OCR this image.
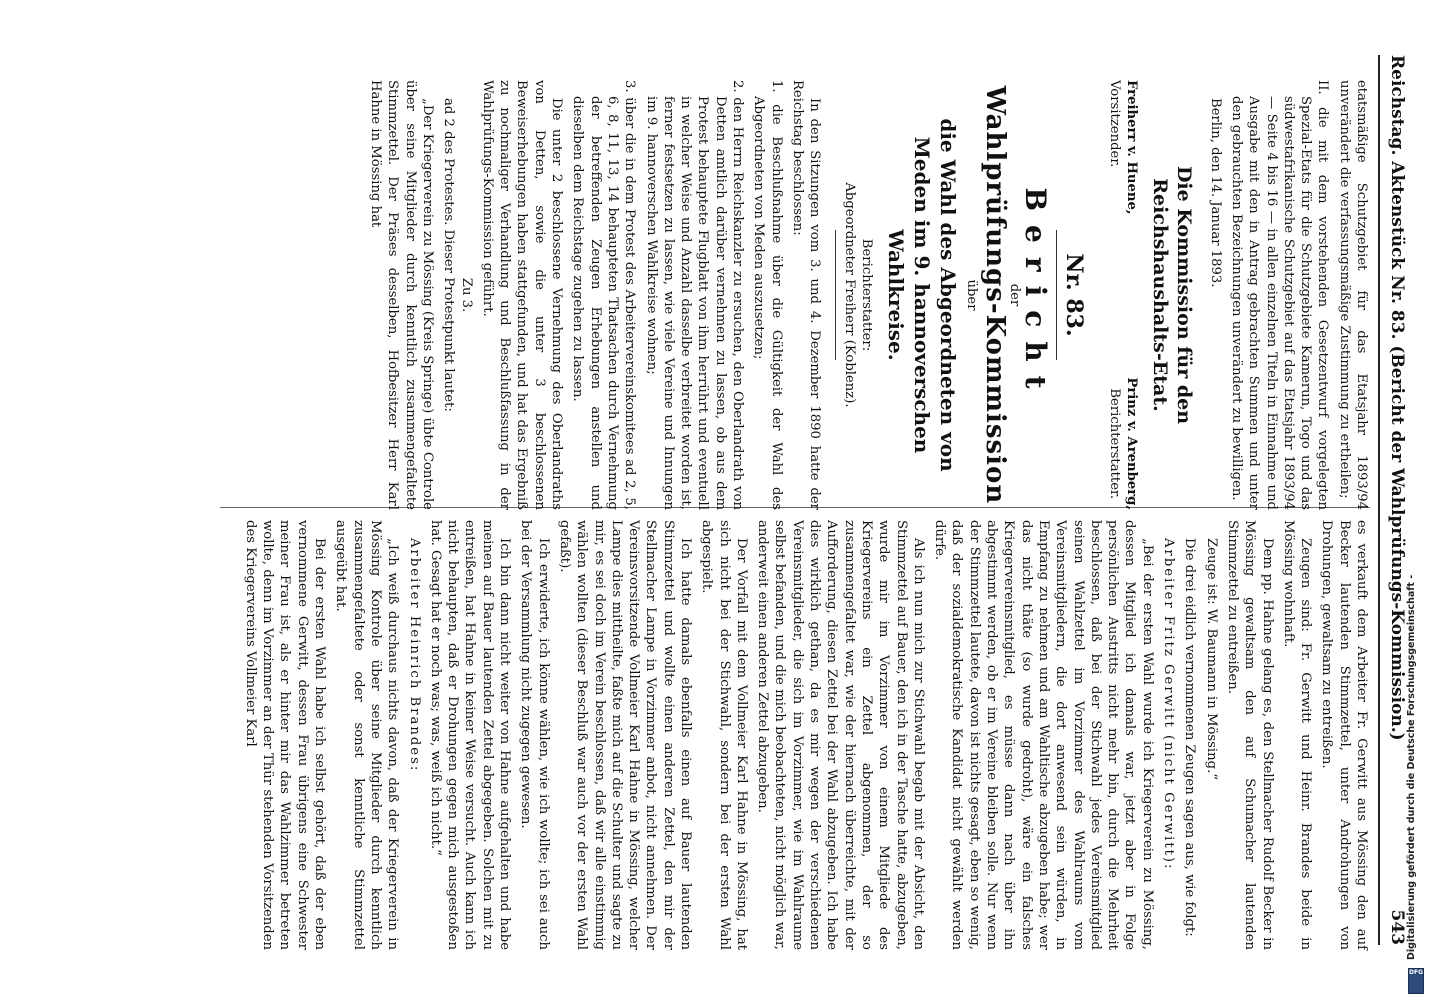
Reichstag. Aktenstück Nr. 83. (Bericht der Wahlprüfungs-Kommission.)
543

etatsmäßige Schutzgebiet für das Etatsjahr 1893/94 unverändert die verfassungsmäßige Zustimmung zu ertheilen;

II. die mit dem vorstehenden Gesetzentwurf vorgelegten Spezial-Etats für die Schutzgebiete Kamerun, Togo und das südwestafrikanische Schutzgebiet auf das Etatsjahr 1893/94 — Seite 4 bis 16 — in allen einzelnen Titeln in Einnahme und Ausgabe mit den in Antrag gebrachten Summen und unter den gebrauchten Bezeichnungen unverändert zu bewilligen.

Berlin, den 14. Januar 1893.

Die Kommission für den Reichshaushalts-Etat.
Freiherr v. Huene,
Vorsitzender.
Prinz v. Arenberg,
Berichterstatter.
Nr. 83.
Bericht
der
Wahlprüfungs-Kommission
über
die Wahl des Abgeordneten von Meden im 9. hannoverschen Wahlkreise.
Berichterstatter:
Abgeordneter Freiherr (Koblenz).

In den Sitzungen vom 3. und 4. Dezember 1890 hatte der Reichstag beschlossen:

1. die Beschlußnahme über die Gültigkeit der Wahl des Abgeordneten von Meden auszusetzen;

2. den Herrn Reichskanzler zu ersuchen, den Oberlandrath von Detten amtlich darüber vernehmen zu lassen, ob aus dem Protest behauptete Flugblatt von ihm herrührt und eventuell in welcher Weise und Anzahl dasselbe verbreitet worden ist, ferner festsetzen zu lassen, wie viele Vereine und Innungen im 9. hannoverschen Wahlkreise wohnen;

3. über die in dem Protest des Arbeitervereinskomitees ad 2, 5, 6, 8, 11, 13, 14 behaupteten Thatsachen durch Vernehmung der betreffenden Zeugen Erhebungen anstellen und dieselben dem Reichstage zugehen zu lassen.

Die unter 2 beschlossene Vernehmung des Oberlandraths von Detten, sowie die unter 3 beschlossenen Beweiserhebungen haben stattgefunden, und hat das Ergebniß zu nochmaliger Verhandlung und Beschlußfassung in der Wahlprüfungs-Kommission geführt.

Zu 3.

ad 2 des Protestes. Dieser Protestpunkt lautet:

„Der Kriegerverein zu Mössing (Kreis Springe) übte Controle über seine Mitglieder durch kenntlich zusammengefaltete Stimmzettel. Der Präses desselben, Hofbesitzer Herr Karl Hahne in Mössing hat

es verkauft dem Arbeiter Fr. Gerwitt aus Mössing den auf Becker lautenden Stimmzettel, unter Androhungen von Drohungen, gewaltsam zu entreißen.

Zeugen sind: Fr. Gerwitt und Heinr. Brandes beide in Mössing wohnhaft.

Dem pp. Hahne gelang es, den Stellmacher Rudolf Becker in Mössing gewaltsam den auf Schumacher lautenden Stimmzettel zu entreißen.

Zeuge ist: W. Baumann in Mössing.“

Die drei eidlich vernommenen Zeugen sagen aus, wie folgt:

Arbeiter Fritz Gerwitt (nicht Gerwitt):

„Bei der ersten Wahl wurde ich Kriegerverein zu Mössing, dessen Mitglied ich damals war, jetzt aber in Folge persönlichen Austritts nicht mehr bin, durch die Mehrheit beschlossen, daß bei der Stichwahl jedes Vereinsmitglied seinen Wahlzettel im Vorzimmer des Wahlraums vom Vereinsmitgliedern, die dort anwesend sein würden, in Empfang zu nehmen und am Wahltische abzugeben habe; wer das nicht thäte (so wurde gedroht), wäre ein falsches Kriegervereinsmitglied, es müsse dann nach über ihn abgestimmt werden, ob er im Vereine bleiben solle. Nur wenn der Stimmzettel lautete, davon ist nichts gesagt, eben so wenig, daß der sozialdemokratische Kandidat nicht gewählt werden dürfe.

Als ich nun mich zur Stichwahl begab mit der Absicht, den Stimmzettel auf Bauer, den ich in der Tasche hatte, abzugeben, wurde mir im Vorzimmer von einem Mitgliede des Kriegervereins ein Zettel abgenommen, der so zusammengefaltet war, wie der hiernach überreichte, mit der Aufforderung, diesen Zettel bei der Wahl abzugeben. Ich habe dies wirklich gethan, da es mir wegen der verschiedenen Vereinsmitglieder, die sich im Vorzimmer, wie im Wahlraume selbst befanden, und die mich beobachteten, nicht möglich war, anderweit einen anderen Zettel abzugeben.

Der Vorfall mit dem Vollmeier Karl Hahne in Mössing, hat sich nicht bei der Stichwahl, sondern bei der ersten Wahl abgespielt.

Ich hatte damals ebenfalls einen auf Bauer lautenden Stimmzettel und wollte einen anderen Zettel, den mir der Stellmacher Lampe in Vorzimmer anbot, nicht annehmen. Der Vereinsvorsitzende Vollmeier Karl Hahne in Mössing, welcher Lampe dies mittheilte, faßte mich auf die Schulter und sagte zu mir, es sei doch im Verein beschlossen, daß wir alle einstimmig wählen wollten (dieser Beschluß war auch vor der ersten Wahl gefaßt).

Ich erwiderte, ich könne wählen, wie ich wollte; ich sei auch bei der Versammlung nicht zugegen gewesen.

Ich bin dann nicht weiter von Hahne aufgehalten und habe meinen auf Bauer lautenden Zettel abgegeben. Solchen mit zu entreißen, hat Hahne in keiner Weise versucht. Auch kann ich nicht behaupten, daß er Drohungen gegen mich ausgestoßen hat. Gesagt hat er noch was; was, weiß ich nicht.“

Arbeiter Heinrich Brandes:

„Ich weiß durchaus nichts davon, daß der Kriegerverein in Mössing Kontrole über seine Mitglieder durch kenntlich zusammengefaltete oder sonst kenntliche Stimmzettel ausgeübt hat.

Bei der ersten Wahl habe ich selbst gehört, daß der eben vernommene Gerwitt, dessen Frau übrigens eine Schwester meiner Frau ist, als er hinter mir das Wahlzimmer betreten wollte, denn im Vorzimmer an der Thür stehenden Vorsitzenden des Kriegervereins Vollmeier Karl	Digitalisierung gefördert durch die Deutsche Forschungsgemeinschaft -
DFG
